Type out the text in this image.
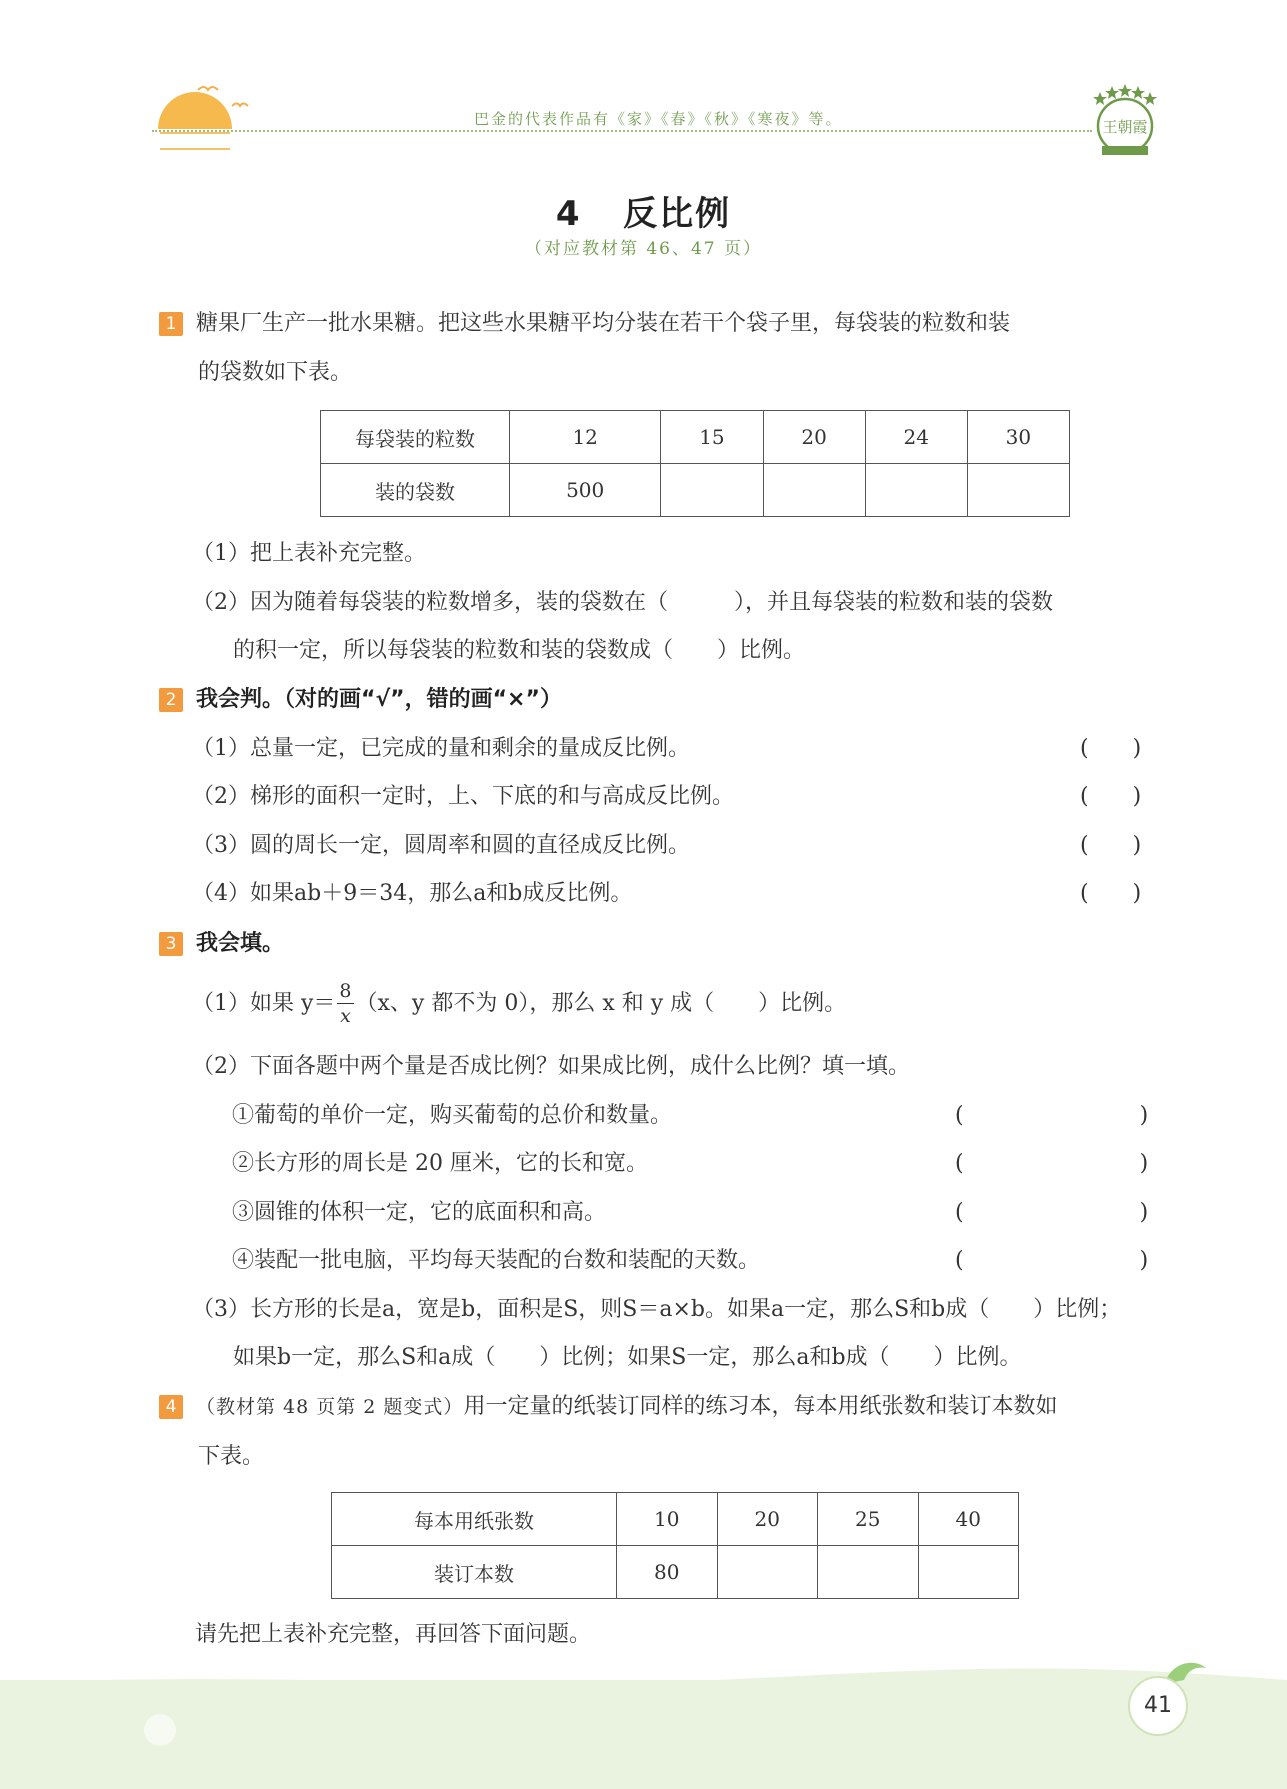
巴金的代表作品有《家》《春》《秋》《寒夜》等。	王朝霞
4 反比例
（对应教材第 46、47 页）
1 糖果厂生产一批水果糖。把这些水果糖平均分装在若干个袋子里，每袋装的粒数和装
的袋数如下表。
每袋装的粒数	12	15	20	24	30
装的袋数	500				
（1）把上表补充完整。
（2）因为随着每袋装的粒数增多，装的袋数在（　　　），并且每袋装的粒数和装的袋数
的积一定，所以每袋装的粒数和装的袋数成（　　）比例。
2 我会判。（对的画“√”，错的画“×”）
（1）总量一定，已完成的量和剩余的量成反比例。	(　　)
（2）梯形的面积一定时，上、下底的和与高成反比例。	(　　)
（3）圆的周长一定，圆周率和圆的直径成反比例。	(　　)
（4）如果ab＋9＝34，那么a和b成反比例。	(　　)
3 我会填。
（1）如果 $y= \frac{8}{x} (x$、y 都不为 0），那么 x 和 y 成（　　）比例。
（2）下面各题中两个量是否成比例？如果成比例，成什么比例？填一填。
①葡萄的单价一定，购买葡萄的总价和数量。	(　　　　　　　　)
②长方形的周长是 20 厘米，它的长和宽。	(　　　　　　　　)
③圆锥的体积一定，它的底面积和高。	(　　　　　　　　)
④装配一批电脑，平均每天装配的台数和装配的天数。	(　　　　　　　　)
（3）长方形的长是a，宽是b，面积是S，则S＝a×b。如果a一定，那么S和b成（　　）比例；
如果b一定，那么S和a成（　　）比例；如果S一定，那么a和b成（　　）比例。
4	（教材第 48 页第 2 题变式）用一定量的纸装订同样的练习本，每本用纸张数和装订本数如
下表。
每本用纸张数	10	20	25	40
装订本数	80			
请先把上表补充完整，再回答下面问题。
41
